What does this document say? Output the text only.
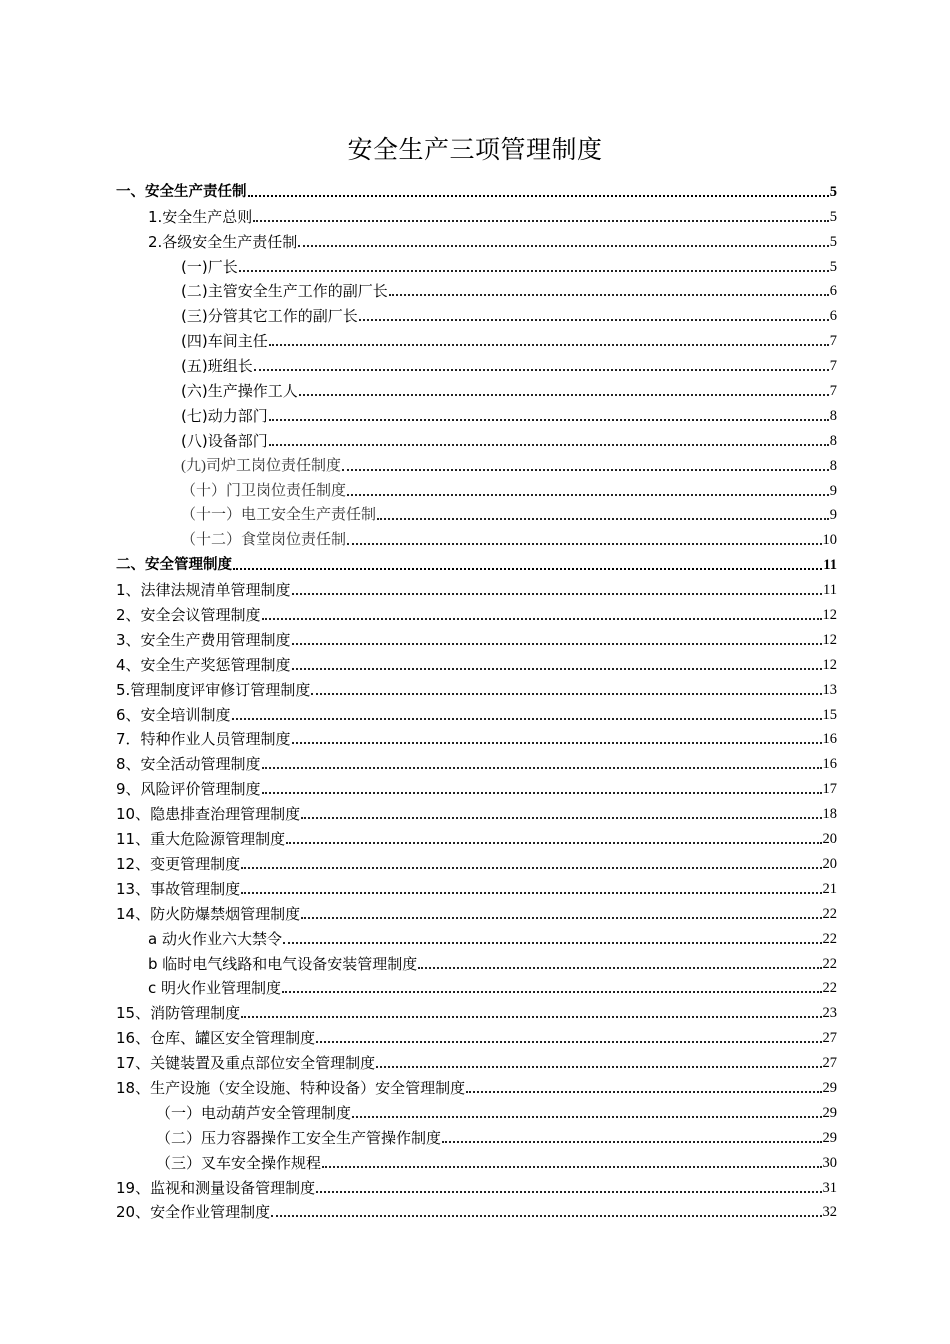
安全生产三项管理制度
一、安全生产责任制	5
1.安全生产总则	5
2.各级安全生产责任制	5
(一)厂长	5
(二)主管安全生产工作的副厂长	6
(三)分管其它工作的副厂长	6
(四)车间主任	7
(五)班组长	7
(六)生产操作工人	7
(七)动力部门	8
(八)设备部门	8
(九)司炉工岗位责任制度	8
（十）门卫岗位责任制度	9
（十一）电工安全生产责任制	9
（十二）食堂岗位责任制	10
二、安全管理制度	11
1、法律法规清单管理制度	11
2、安全会议管理制度	12
3、安全生产费用管理制度	12
4、安全生产奖惩管理制度	12
5.管理制度评审修订管理制度	13
6、安全培训制度	15
7．特种作业人员管理制度	16
8、安全活动管理制度	16
9、风险评价管理制度	17
10、隐患排查治理管理制度	18
11、重大危险源管理制度	20
12、变更管理制度	20
13、事故管理制度	21
14、防火防爆禁烟管理制度	22
a 动火作业六大禁令	22
b 临时电气线路和电气设备安装管理制度	22
c 明火作业管理制度	22
15、消防管理制度	23
16、仓库、罐区安全管理制度	27
17、关键装置及重点部位安全管理制度	27
18、生产设施（安全设施、特种设备）安全管理制度	29
（一）电动葫芦安全管理制度	29
（二）压力容器操作工安全生产管操作制度	29
（三）叉车安全操作规程	30
19、监视和测量设备管理制度	31
20、安全作业管理制度	32
